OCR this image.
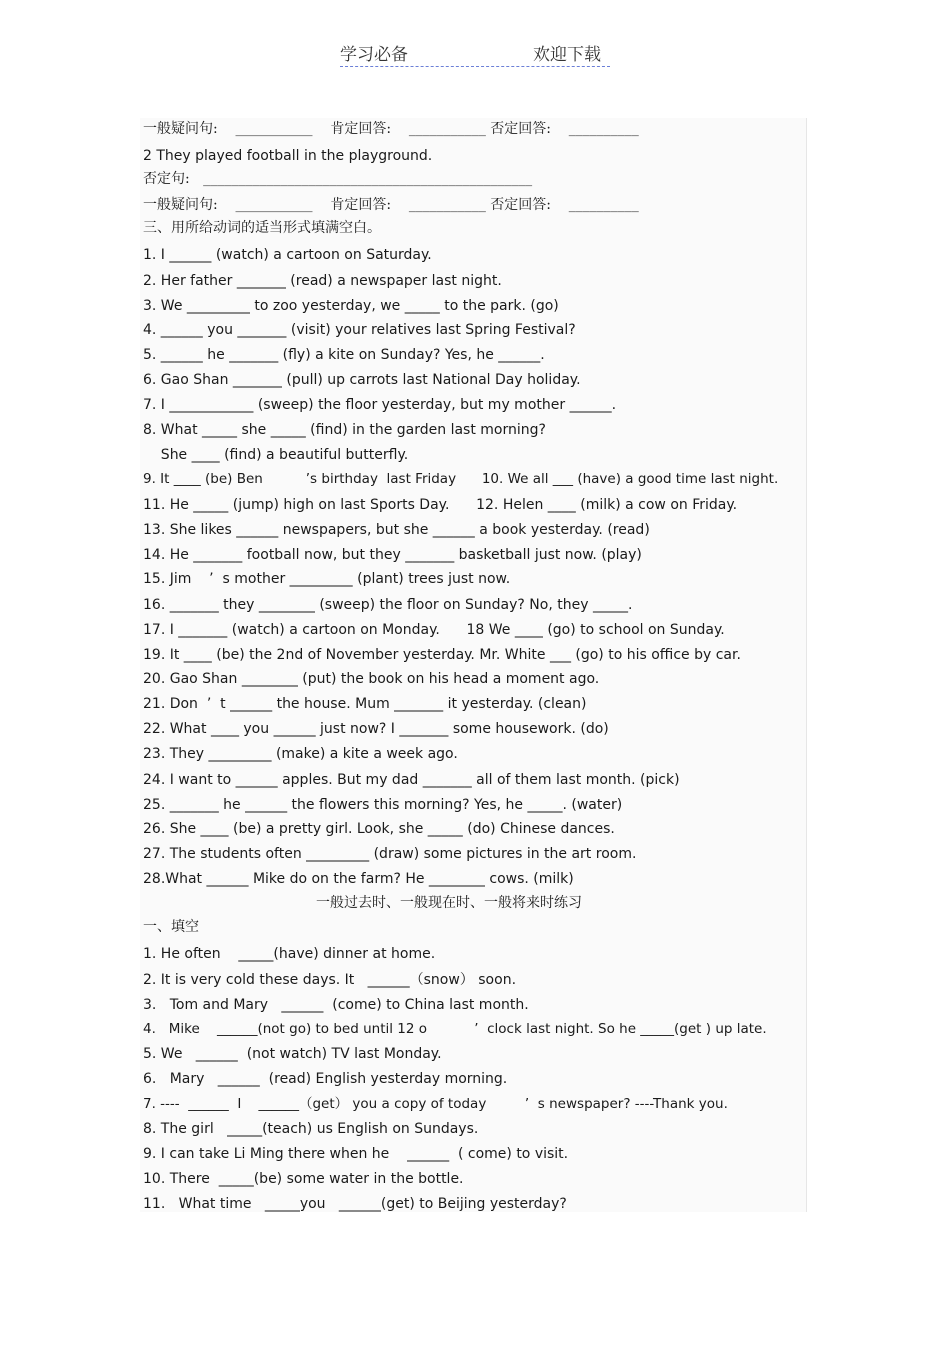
学习必备	欢迎下载
一般疑问句:    ___________    肯定回答:    ___________ 否定回答:    __________
2 They played football in the playground.
否定句:   _______________________________________________
一般疑问句:    ___________    肯定回答:    ___________ 否定回答:    __________
三、用所给动词的适当形式填满空白。
1. I ______ (watch) a cartoon on Saturday.
2. Her father _______ (read) a newspaper last night.
3. We _________ to zoo yesterday, we _____ to the park. (go)
4. ______ you _______ (visit) your relatives last Spring Festival?
5. ______ he _______ (fly) a kite on Sunday? Yes, he ______.
6. Gao Shan _______ (pull) up carrots last National Day holiday.
7. I ____________ (sweep) the floor yesterday, but my mother ______.
8. What _____ she _____ (find) in the garden last morning?
She ____ (find) a beautiful butterfly.
9. It ____ (be) Ben          ’s birthday  last Friday      10. We all ___ (have) a good time last night.
11. He _____ (jump) high on last Sports Day.      12. Helen ____ (milk) a cow on Friday.
13. She likes ______ newspapers, but she ______ a book yesterday. (read)
14. He _______ football now, but they _______ basketball just now. (play)
15. Jim    ’  s mother _________ (plant) trees just now.
16. _______ they ________ (sweep) the floor on Sunday? No, they _____.
17. I _______ (watch) a cartoon on Monday.      18 We ____ (go) to school on Sunday.
19. It ____ (be) the 2nd of November yesterday. Mr. White ___ (go) to his office by car.
20. Gao Shan ________ (put) the book on his head a moment ago.
21. Don  ’  t ______ the house. Mum _______ it yesterday. (clean)
22. What ____ you ______ just now? I _______ some housework. (do)
23. They _________ (make) a kite a week ago.
24. I want to ______ apples. But my dad _______ all of them last month. (pick)
25. _______ he ______ the flowers this morning? Yes, he _____. (water)
26. She ____ (be) a pretty girl. Look, she _____ (do) Chinese dances.
27. The students often _________ (draw) some pictures in the art room.
28.What ______ Mike do on the farm? He ________ cows. (milk)
一般过去时、一般现在时、一般将来时练习
一、填空
1. He often    _____(have) dinner at home.
2. It is very cold these days. It   ______（snow） soon.
3.   Tom and Mary   ______  (come) to China last month.
4.   Mike    ______(not go) to bed until 12 o           ’  clock last night. So he _____(get ) up late.
5. We   ______  (not watch) TV last Monday.
6.   Mary   ______  (read) English yesterday morning.
7. ----  ______  I    ______（get） you a copy of today         ’  s newspaper? ----Thank you.
8. The girl   _____(teach) us English on Sundays.
9. I can take Li Ming there when he    ______  ( come) to visit.
10. There  _____(be) some water in the bottle.
11.   What time   _____you   ______(get) to Beijing yesterday?
